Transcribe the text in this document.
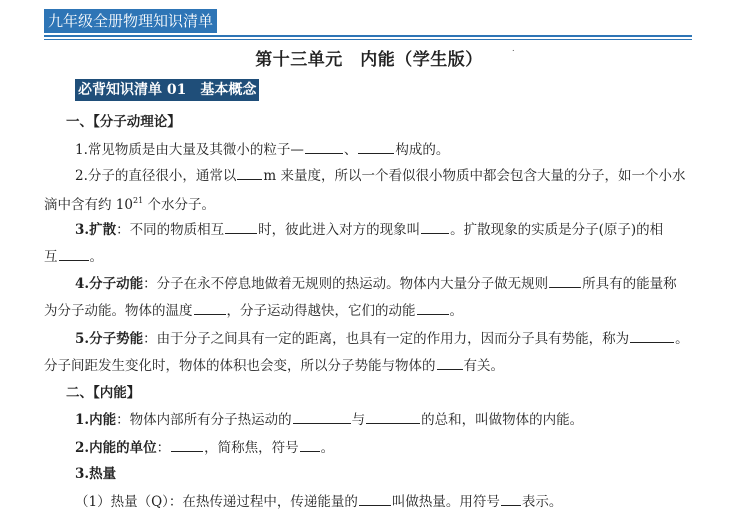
九年级全册物理知识清单
第十三单元　内能（学生版）
.
必背知识清单 01　基本概念
一、【分子动理论】
1.常见物质是由大量及其微小的粒子—	、	构成的。
2.分子的直径很小，通常以 m 来量度，所以一个看似很小物质中都会包含大量的分子，如一个小水
滴中含有约 $10^{21}$ 个水分子。
3.扩散：不同的物质相互	时，彼此进入对方的现象叫 。扩散现象的实质是分子(原子)的相
互 。
4.分子动能：分子在永不停息地做着无规则的热运动。物体内大量分子做无规则	所具有的能量称
为分子动能。物体的温度	，分子运动得越快，它们的动能	。
5.分子势能：由于分子之间具有一定的距离，也具有一定的作用力，因而分子具有势能，称为	。
分子间距发生变化时，物体的体积也会变，所以分子势能与物体的 有关。
二、【内能】
1.内能：物体内部所有分子热运动的	与	的总和，叫做物体的内能。
2.内能的单位：	，简称焦，符号 。
3.热量
（1）热量（Q）：在热传递过程中，传递能量的	叫做热量。用符号 表示。
